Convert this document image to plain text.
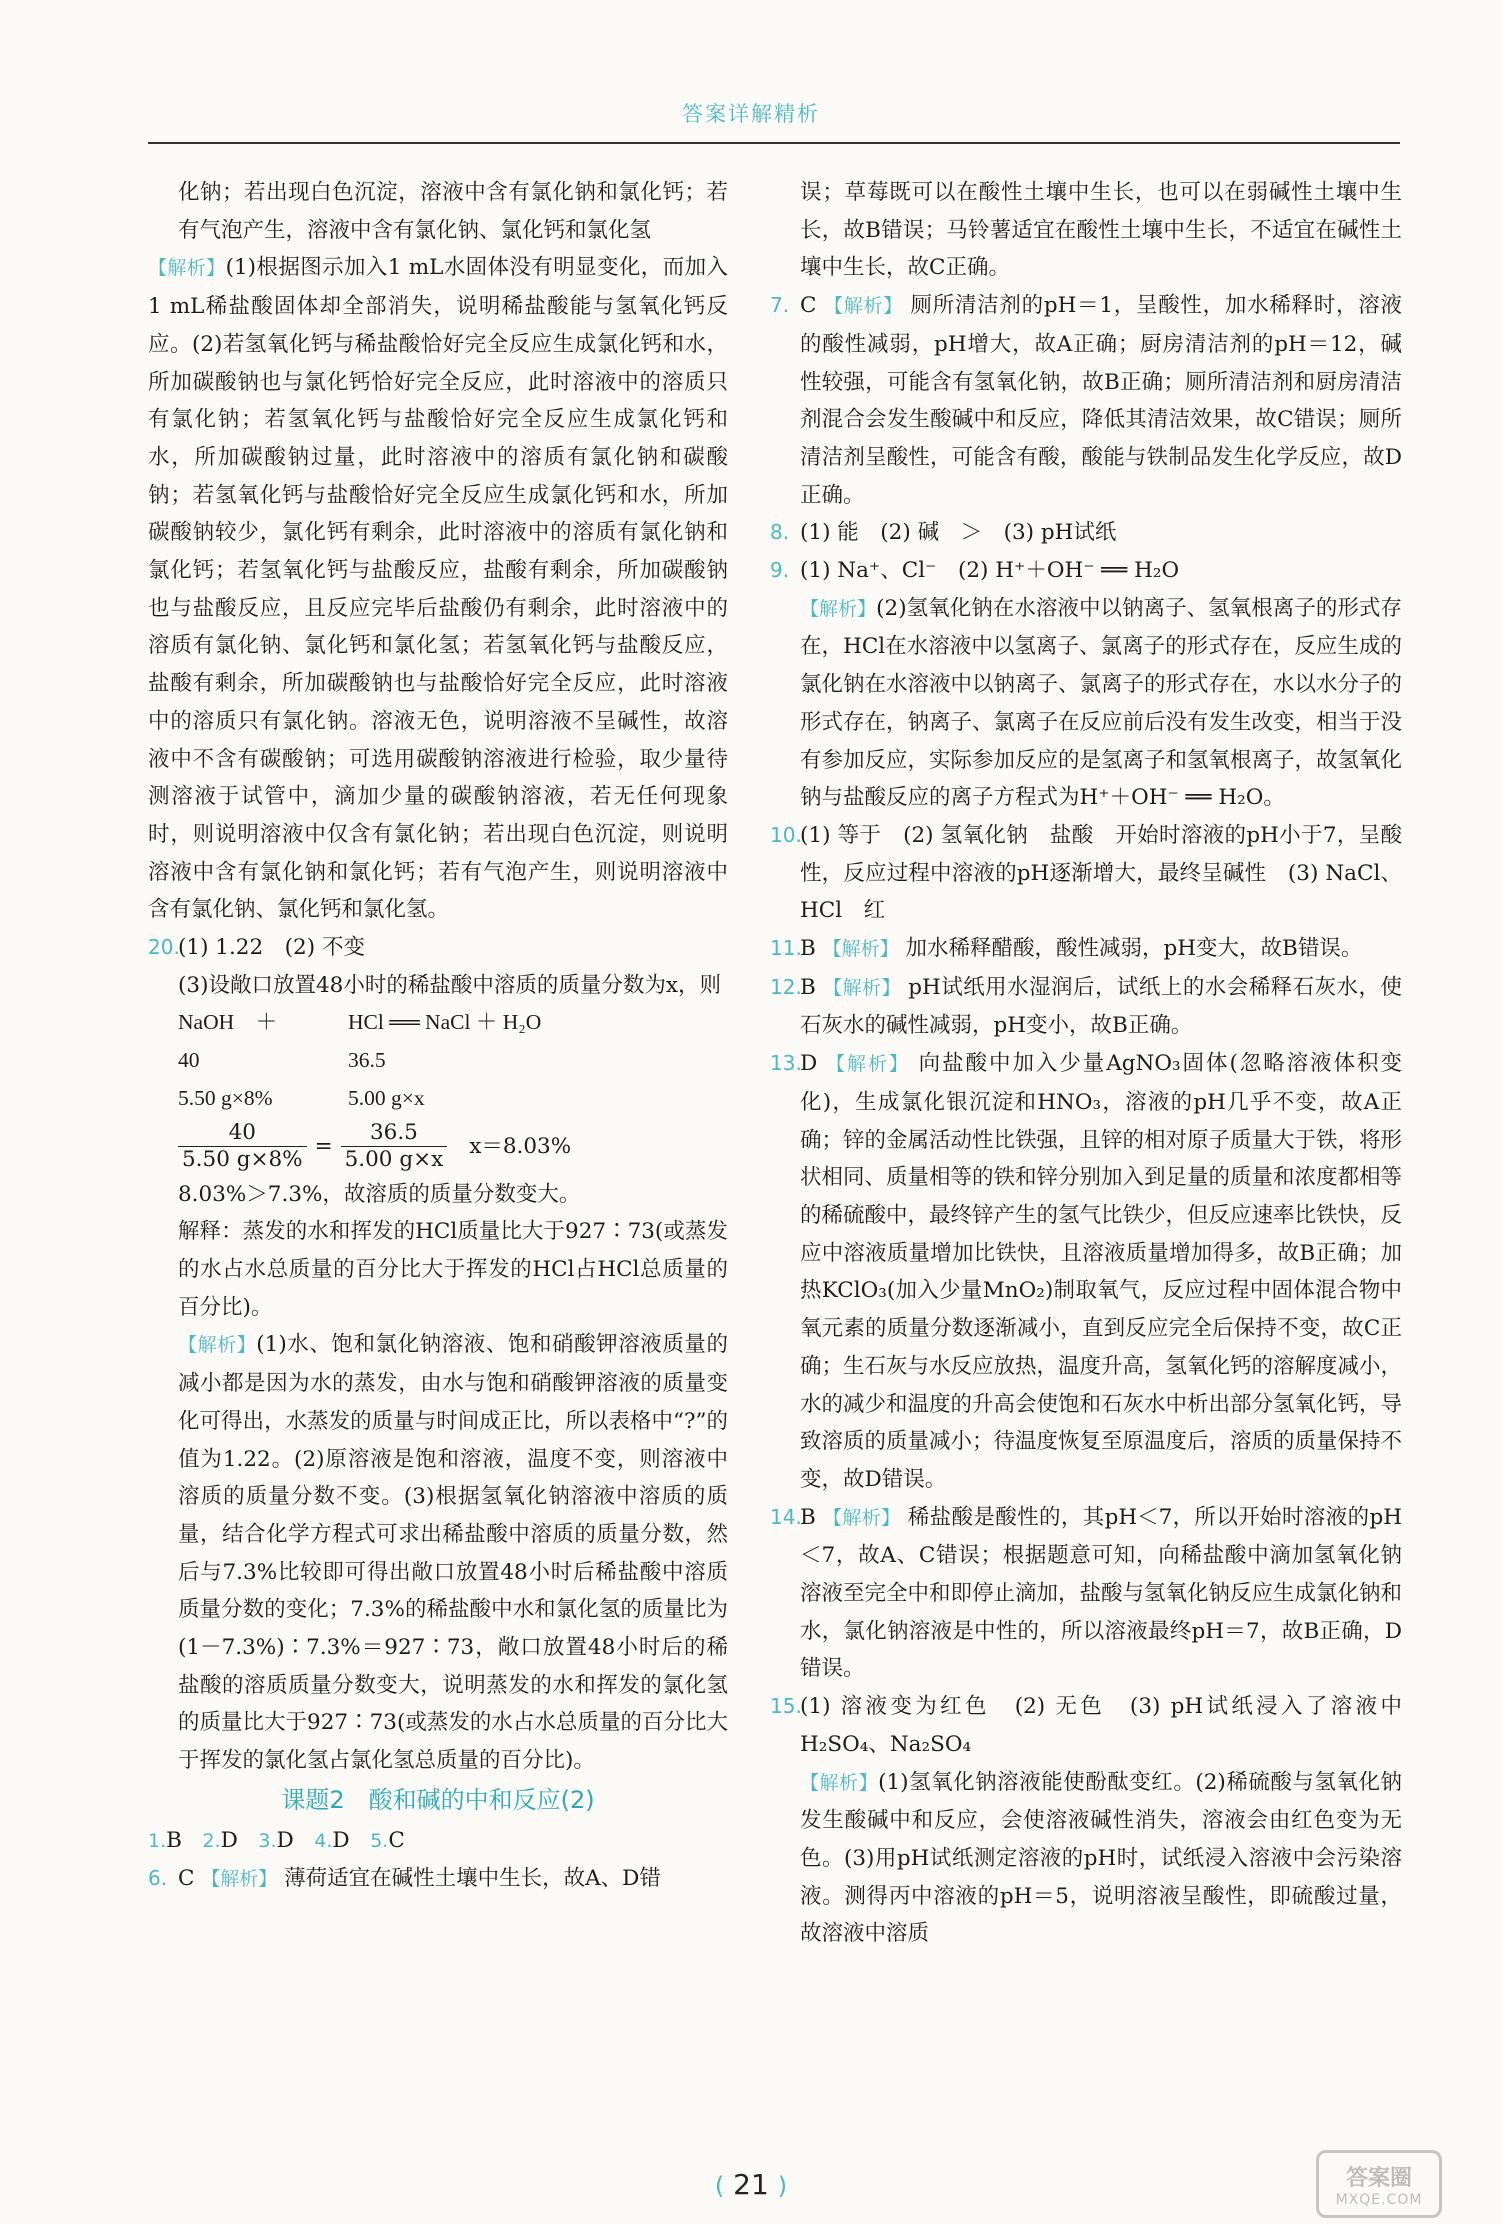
答案详解精析

化钠；若出现白色沉淀，溶液中含有氯化钠和氯化钙；若有气泡产生，溶液中含有氯化钠、氯化钙和氯化氢

【解析】(1)根据图示加入1 mL水固体没有明显变化，而加入1 mL稀盐酸固体却全部消失，说明稀盐酸能与氢氧化钙反应。(2)若氢氧化钙与稀盐酸恰好完全反应生成氯化钙和水，所加碳酸钠也与氯化钙恰好完全反应，此时溶液中的溶质只有氯化钠；若氢氧化钙与盐酸恰好完全反应生成氯化钙和水，所加碳酸钠过量，此时溶液中的溶质有氯化钠和碳酸钠；若氢氧化钙与盐酸恰好完全反应生成氯化钙和水，所加碳酸钠较少，氯化钙有剩余，此时溶液中的溶质有氯化钠和氯化钙；若氢氧化钙与盐酸反应，盐酸有剩余，所加碳酸钠也与盐酸反应，且反应完毕后盐酸仍有剩余，此时溶液中的溶质有氯化钠、氯化钙和氯化氢；若氢氧化钙与盐酸反应，盐酸有剩余，所加碳酸钠也与盐酸恰好完全反应，此时溶液中的溶质只有氯化钠。溶液无色，说明溶液不呈碱性，故溶液中不含有碳酸钠；可选用碳酸钠溶液进行检验，取少量待测溶液于试管中，滴加少量的碳酸钠溶液，若无任何现象时，则说明溶液中仅含有氯化钠；若出现白色沉淀，则说明溶液中含有氯化钠和氯化钙；若有气泡产生，则说明溶液中含有氯化钠、氯化钙和氯化氢。

20.
(1) 1.22　(2) 不变
(3)设敞口放置48小时的稀盐酸中溶质的质量分数为x，则
NaOH　＋	HCl ══ NaCl ＋ H₂O
40	36.5
5.50 g×8%	5.00 g×x
$\frac{40}{5.50 g\times 8\%} = \frac{36.5}{5.00 g\times x} x=8.03\%$

8.03%＞7.3%，故溶质的质量分数变大。

解释：蒸发的水和挥发的HCl质量比大于927∶73(或蒸发的水占水总质量的百分比大于挥发的HCl占HCl总质量的百分比)。

【解析】(1)水、饱和氯化钠溶液、饱和硝酸钾溶液质量的减小都是因为水的蒸发，由水与饱和硝酸钾溶液的质量变化可得出，水蒸发的质量与时间成正比，所以表格中“?”的值为1.22。(2)原溶液是饱和溶液，温度不变，则溶液中溶质的质量分数不变。(3)根据氢氧化钠溶液中溶质的质量，结合化学方程式可求出稀盐酸中溶质的质量分数，然后与7.3%比较即可得出敞口放置48小时后稀盐酸中溶质质量分数的变化；7.3%的稀盐酸中水和氯化氢的质量比为(1－7.3%)∶7.3%＝927∶73，敞口放置48小时后的稀盐酸的溶质质量分数变大，说明蒸发的水和挥发的氯化氢的质量比大于927∶73(或蒸发的水占水总质量的百分比大于挥发的氯化氢占氯化氢总质量的百分比)。

课题2　酸和碱的中和反应(2)
1.B 2.D 3.D 4.D 5.C
6. C 【解析】 薄荷适宜在碱性土壤中生长，故A、D错

误；草莓既可以在酸性土壤中生长，也可以在弱碱性土壤中生长，故B错误；马铃薯适宜在酸性土壤中生长，不适宜在碱性土壤中生长，故C正确。

7. C 【解析】 厕所清洁剂的pH＝1，呈酸性，加水稀释时，溶液的酸性减弱，pH增大，故A正确；厨房清洁剂的pH＝12，碱性较强，可能含有氢氧化钠，故B正确；厕所清洁剂和厨房清洁剂混合会发生酸碱中和反应，降低其清洁效果，故C错误；厕所清洁剂呈酸性，可能含有酸，酸能与铁制品发生化学反应，故D正确。
8. (1) 能　(2) 碱　＞　(3) pH试纸
9. (1) Na⁺、Cl⁻　(2) H⁺＋OH⁻ ══ H₂O
【解析】(2)氢氧化钠在水溶液中以钠离子、氢氧根离子的形式存在，HCl在水溶液中以氢离子、氯离子的形式存在，反应生成的氯化钠在水溶液中以钠离子、氯离子的形式存在，水以水分子的形式存在，钠离子、氯离子在反应前后没有发生改变，相当于没有参加反应，实际参加反应的是氢离子和氢氧根离子，故氢氧化钠与盐酸反应的离子方程式为H⁺＋OH⁻ ══ H₂O。
10.
(1) 等于　(2) 氢氧化钠　盐酸　开始时溶液的pH小于7，呈酸性，反应过程中溶液的pH逐渐增大，最终呈碱性　(3) NaCl、HCl　红
11.
B 【解析】 加水稀释醋酸，酸性减弱，pH变大，故B错误。
12.
B 【解析】 pH试纸用水湿润后，试纸上的水会稀释石灰水，使石灰水的碱性减弱，pH变小，故B正确。
13.
D 【解析】 向盐酸中加入少量AgNO₃固体(忽略溶液体积变化)，生成氯化银沉淀和HNO₃，溶液的pH几乎不变，故A正确；锌的金属活动性比铁强，且锌的相对原子质量大于铁，将形状相同、质量相等的铁和锌分别加入到足量的质量和浓度都相等的稀硫酸中，最终锌产生的氢气比铁少，但反应速率比铁快，反应中溶液质量增加比铁快，且溶液质量增加得多，故B正确；加热KClO₃(加入少量MnO₂)制取氧气，反应过程中固体混合物中氧元素的质量分数逐渐减小，直到反应完全后保持不变，故C正确；生石灰与水反应放热，温度升高，氢氧化钙的溶解度减小，水的减少和温度的升高会使饱和石灰水中析出部分氢氧化钙，导致溶质的质量减小；待温度恢复至原温度后，溶质的质量保持不变，故D错误。
14.
B 【解析】 稀盐酸是酸性的，其pH＜7，所以开始时溶液的pH＜7，故A、C错误；根据题意可知，向稀盐酸中滴加氢氧化钠溶液至完全中和即停止滴加，盐酸与氢氧化钠反应生成氯化钠和水，氯化钠溶液是中性的，所以溶液最终pH＝7，故B正确，D错误。
15.
(1) 溶液变为红色　(2) 无色　(3) pH试纸浸入了溶液中　H₂SO₄、Na₂SO₄
【解析】(1)氢氧化钠溶液能使酚酞变红。(2)稀硫酸与氢氧化钠发生酸碱中和反应，会使溶液碱性消失，溶液会由红色变为无色。(3)用pH试纸测定溶液的pH时，试纸浸入溶液中会污染溶液。测得丙中溶液的pH＝5，说明溶液呈酸性，即硫酸过量，故溶液中溶质
( 21 )	答案圈
MXQE.COM
